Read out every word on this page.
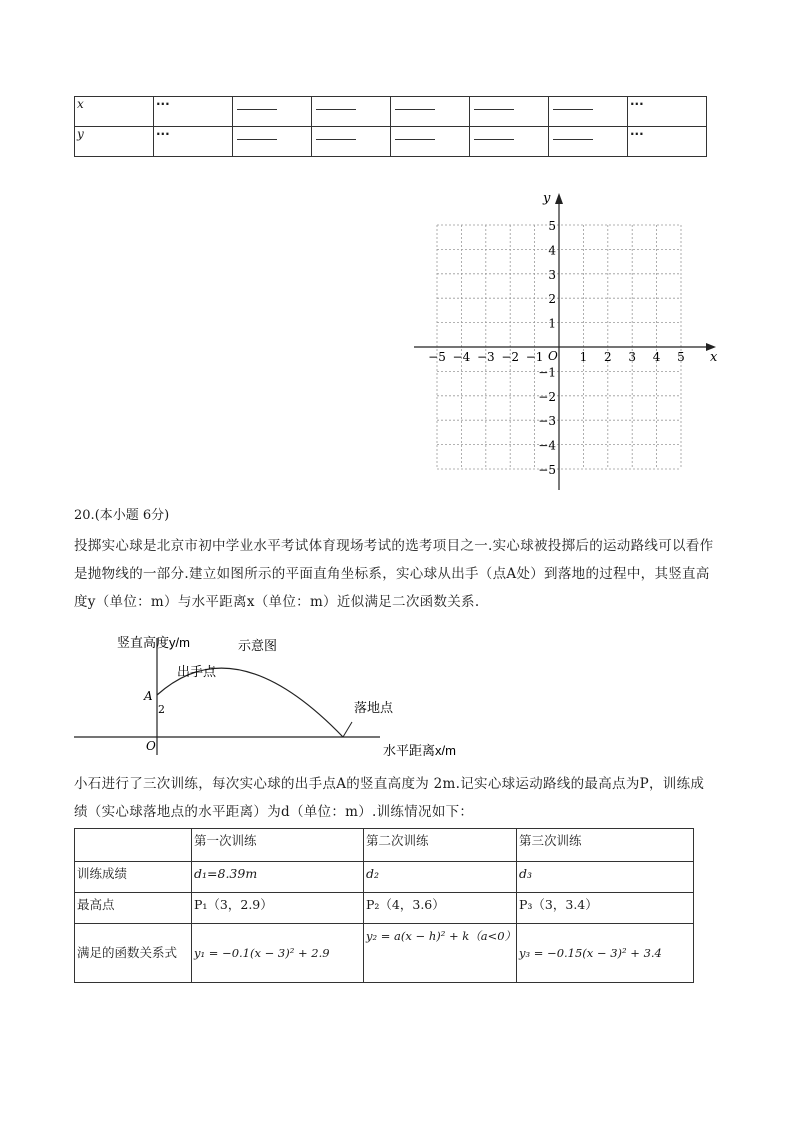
x	···						···
y	···						···
x
y
O
−5 −4 −3 −2 −1	1 2 3 4 5
5
4
3
2
1
−1
−2
−3
−4
−5
20.(本小题 6分)
投掷实心球是北京市初中学业水平考试体育现场考试的选考项目之一.实心球被投掷后的运动路线可以看作
是抛物线的一部分.建立如图所示的平面直角坐标系，实心球从出手（点A处）到落地的过程中，其竖直高
度y（单位：m）与水平距离x（单位：m）近似满足二次函数关系.
竖直高度y/m	示意图
出手点
A
2
O
落地点
水平距离x/m
小石进行了三次训练，每次实心球的出手点A的竖直高度为 2m.记实心球运动路线的最高点为P，训练成
绩（实心球落地点的水平距离）为d（单位：m）.训练情况如下：
	第一次训练	第二次训练	第三次训练
训练成绩	d₁=8.39m	d₂	d₃
最高点	P₁（3，2.9）	P₂（4，3.6）	P₃（3，3.4）
满足的函数关系式	y₁ = −0.1(x − 3)² + 2.9	y₂ = a(x − h)² + k（a<0）	y₃ = −0.15(x − 3)² + 3.4
